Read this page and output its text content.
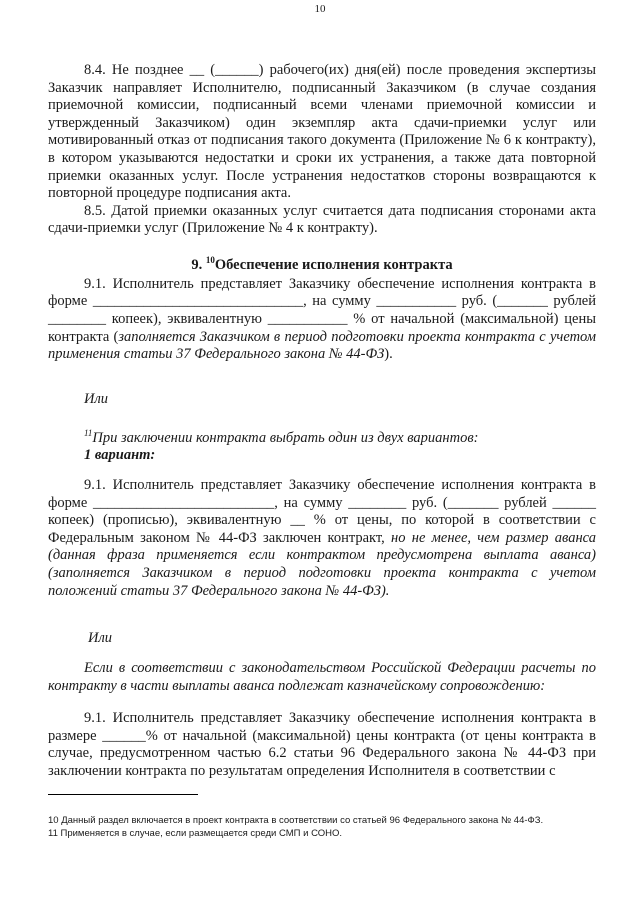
10

8.4. Не позднее __ (______) рабочего(их) дня(ей) после проведения экспертизы Заказчик направляет Исполнителю, подписанный Заказчиком (в случае создания приемочной комиссии, подписанный всеми членами приемочной комиссии и утвержденный Заказчиком) один экземпляр акта сдачи-приемки услуг или мотивированный отказ от подписания такого документа (Приложение № 6 к контракту), в котором указываются недостатки и сроки их устранения, а также дата повторной приемки оказанных услуг. После устранения недостатков стороны возвращаются к повторной процедуре подписания акта.

8.5. Датой приемки оказанных услуг считается дата подписания сторонами акта сдачи-приемки услуг (Приложение № 4 к контракту).

9. $^{10}$Обеспечение исполнения контракта

9.1. Исполнитель представляет Заказчику обеспечение исполнения контракта в форме _____________________________, на сумму ___________ руб. (_______ рублей ________ копеек), эквивалентную ___________ % от начальной (максимальной) цены контракта (заполняется Заказчиком в период подготовки проекта контракта с учетом применения статьи 37 Федерального закона № 44-ФЗ).

Или

$^{11}$При заключении контракта выбрать один из двух вариантов:

1 вариант:

9.1. Исполнитель представляет Заказчику обеспечение исполнения контракта в форме _________________________, на сумму ________ руб. (_______ рублей ______ копеек) (прописью), эквивалентную __ % от цены, по которой в соответствии с Федеральным законом № 44-ФЗ заключен контракт, но не менее, чем размер аванса (данная фраза применяется если контрактом предусмотрена выплата аванса) (заполняется Заказчиком в период подготовки проекта контракта с учетом положений статьи 37 Федерального закона № 44-ФЗ).

Или

Если в соответствии с законодательством Российской Федерации расчеты по контракту в части выплаты аванса подлежат казначейскому сопровождению:

9.1. Исполнитель представляет Заказчику обеспечение исполнения контракта в размере ______% от начальной (максимальной) цены контракта (от цены контракта в случае, предусмотренном частью 6.2 статьи 96 Федерального закона № 44-ФЗ при заключении контракта по результатам определения Исполнителя в соответствии с

10 Данный раздел включается в проект контракта в соответствии со статьей 96 Федерального закона № 44-ФЗ.
11 Применяется в случае, если размещается среди СМП и СОНО.
